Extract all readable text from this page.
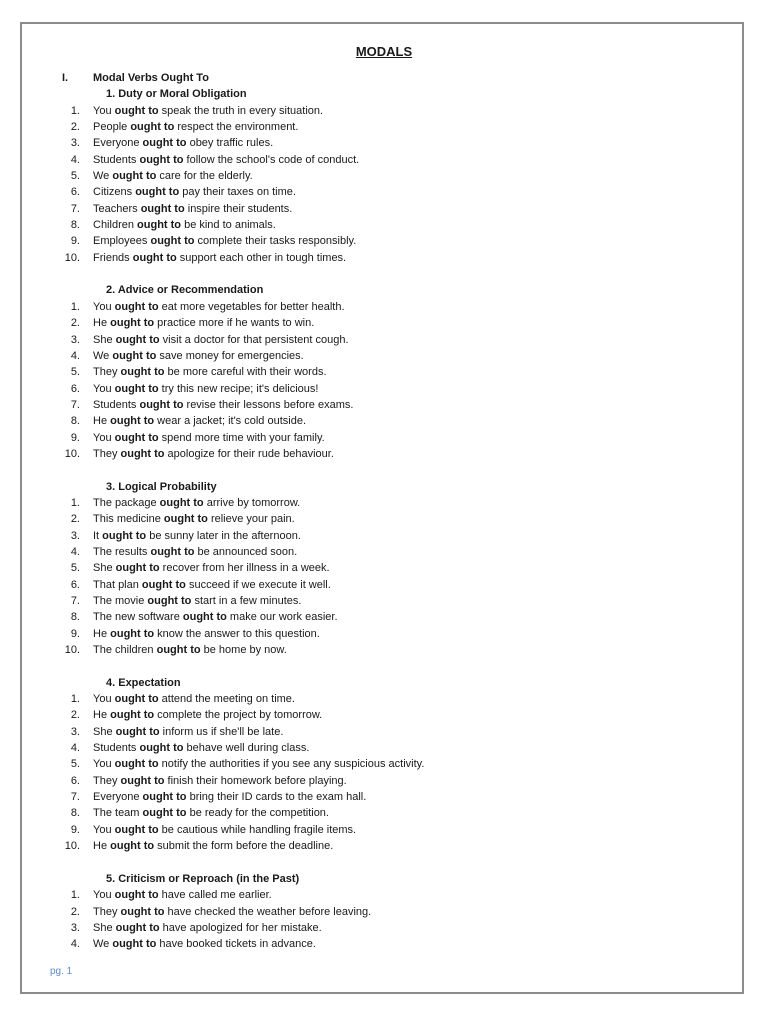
MODALS
I. Modal Verbs Ought To
1. Duty or Moral Obligation
1. You ought to speak the truth in every situation.
2. People ought to respect the environment.
3. Everyone ought to obey traffic rules.
4. Students ought to follow the school's code of conduct.
5. We ought to care for the elderly.
6. Citizens ought to pay their taxes on time.
7. Teachers ought to inspire their students.
8. Children ought to be kind to animals.
9. Employees ought to complete their tasks responsibly.
10. Friends ought to support each other in tough times.
2. Advice or Recommendation
1. You ought to eat more vegetables for better health.
2. He ought to practice more if he wants to win.
3. She ought to visit a doctor for that persistent cough.
4. We ought to save money for emergencies.
5. They ought to be more careful with their words.
6. You ought to try this new recipe; it's delicious!
7. Students ought to revise their lessons before exams.
8. He ought to wear a jacket; it's cold outside.
9. You ought to spend more time with your family.
10. They ought to apologize for their rude behaviour.
3. Logical Probability
1. The package ought to arrive by tomorrow.
2. This medicine ought to relieve your pain.
3. It ought to be sunny later in the afternoon.
4. The results ought to be announced soon.
5. She ought to recover from her illness in a week.
6. That plan ought to succeed if we execute it well.
7. The movie ought to start in a few minutes.
8. The new software ought to make our work easier.
9. He ought to know the answer to this question.
10. The children ought to be home by now.
4. Expectation
1. You ought to attend the meeting on time.
2. He ought to complete the project by tomorrow.
3. She ought to inform us if she'll be late.
4. Students ought to behave well during class.
5. You ought to notify the authorities if you see any suspicious activity.
6. They ought to finish their homework before playing.
7. Everyone ought to bring their ID cards to the exam hall.
8. The team ought to be ready for the competition.
9. You ought to be cautious while handling fragile items.
10. He ought to submit the form before the deadline.
5. Criticism or Reproach (in the Past)
1. You ought to have called me earlier.
2. They ought to have checked the weather before leaving.
3. She ought to have apologized for her mistake.
4. We ought to have booked tickets in advance.
pg. 1
